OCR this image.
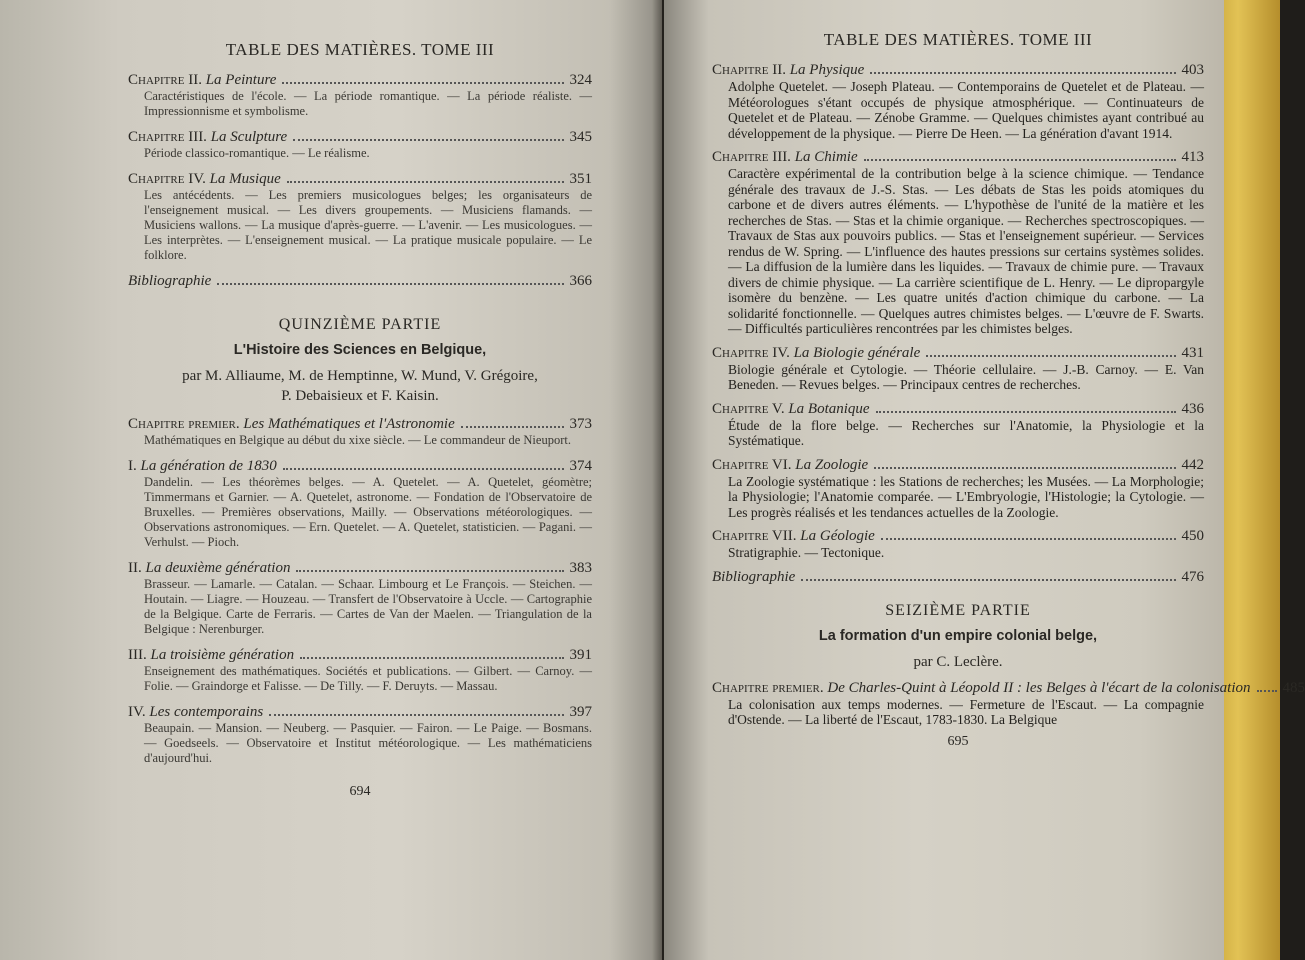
TABLE DES MATIÈRES. TOME III
Chapitre II. La Peinture	324
Caractéristiques de l'école. — La période romantique. — La période réaliste. — Impressionnisme et symbolisme.
Chapitre III. La Sculpture	345
Période classico-romantique. — Le réalisme.
Chapitre IV. La Musique	351
Les antécédents. — Les premiers musicologues belges; les organisateurs de l'enseignement musical. — Les divers groupements. — Musiciens flamands. — Musiciens wallons. — La musique d'après-guerre. — L'avenir. — Les musicologues. — Les interprètes. — L'enseignement musical. — La pratique musicale populaire. — Le folklore.
Bibliographie	366
QUINZIÈME PARTIE
L'Histoire des Sciences en Belgique,
par M. Alliaume, M. de Hemptinne, W. Mund, V. Grégoire,
P. Debaisieux et F. Kaisin.
Chapitre premier. Les Mathématiques et l'Astronomie	373
Mathématiques en Belgique au début du xixe siècle. — Le commandeur de Nieuport.
I. La génération de 1830	374
Dandelin. — Les théorèmes belges. — A. Quetelet. — A. Quetelet, géomètre; Timmermans et Garnier. — A. Quetelet, astronome. — Fondation de l'Observatoire de Bruxelles. — Premières observations, Mailly. — Observations météorologiques. — Observations astronomiques. — Ern. Quetelet. — A. Quetelet, statisticien. — Pagani. — Verhulst. — Pioch.
II. La deuxième génération	383
Brasseur. — Lamarle. — Catalan. — Schaar. Limbourg et Le François. — Steichen. — Houtain. — Liagre. — Houzeau. — Transfert de l'Observatoire à Uccle. — Cartographie de la Belgique. Carte de Ferraris. — Cartes de Van der Maelen. — Triangulation de la Belgique : Nerenburger.
III. La troisième génération	391
Enseignement des mathématiques. Sociétés et publications. — Gilbert. — Carnoy. — Folie. — Graindorge et Falisse. — De Tilly. — F. Deruyts. — Massau.
IV. Les contemporains	397
Beaupain. — Mansion. — Neuberg. — Pasquier. — Fairon. — Le Paige. — Bosmans. — Goedseels. — Observatoire et Institut météorologique. — Les mathématiciens d'aujourd'hui.
694
TABLE DES MATIÈRES. TOME III
Chapitre II. La Physique	403
Adolphe Quetelet. — Joseph Plateau. — Contemporains de Quetelet et de Plateau. — Météorologues s'étant occupés de physique atmosphérique. — Continuateurs de Quetelet et de Plateau. — Zénobe Gramme. — Quelques chimistes ayant contribué au développement de la physique. — Pierre De Heen. — La génération d'avant 1914.
Chapitre III. La Chimie	413
Caractère expérimental de la contribution belge à la science chimique. — Tendance générale des travaux de J.-S. Stas. — Les débats de Stas les poids atomiques du carbone et de divers autres éléments. — L'hypothèse de l'unité de la matière et les recherches de Stas. — Stas et la chimie organique. — Recherches spectroscopiques. — Travaux de Stas aux pouvoirs publics. — Stas et l'enseignement supérieur. — Services rendus de W. Spring. — L'influence des hautes pressions sur certains systèmes solides. — La diffusion de la lumière dans les liquides. — Travaux de chimie pure. — Travaux divers de chimie physique. — La carrière scientifique de L. Henry. — Le dipropargyle isomère du benzène. — Les quatre unités d'action chimique du carbone. — La solidarité fonctionnelle. — Quelques autres chimistes belges. — L'œuvre de F. Swarts. — Difficultés particulières rencontrées par les chimistes belges.
Chapitre IV. La Biologie générale	431
Biologie générale et Cytologie. — Théorie cellulaire. — J.-B. Carnoy. — E. Van Beneden. — Revues belges. — Principaux centres de recherches.
Chapitre V. La Botanique	436
Étude de la flore belge. — Recherches sur l'Anatomie, la Physiologie et la Systématique.
Chapitre VI. La Zoologie	442
La Zoologie systématique : les Stations de recherches; les Musées. — La Morphologie; la Physiologie; l'Anatomie comparée. — L'Embryologie, l'Histologie; la Cytologie. — Les progrès réalisés et les tendances actuelles de la Zoologie.
Chapitre VII. La Géologie	450
Stratigraphie. — Tectonique.
Bibliographie	476
SEIZIÈME PARTIE
La formation d'un empire colonial belge,
par C. Leclère.
Chapitre premier. De Charles-Quint à Léopold II : les Belges à l'écart de la colonisation 485
La colonisation aux temps modernes. — Fermeture de l'Escaut. — La compagnie d'Ostende. — La liberté de l'Escaut, 1783-1830. La Belgique
695
